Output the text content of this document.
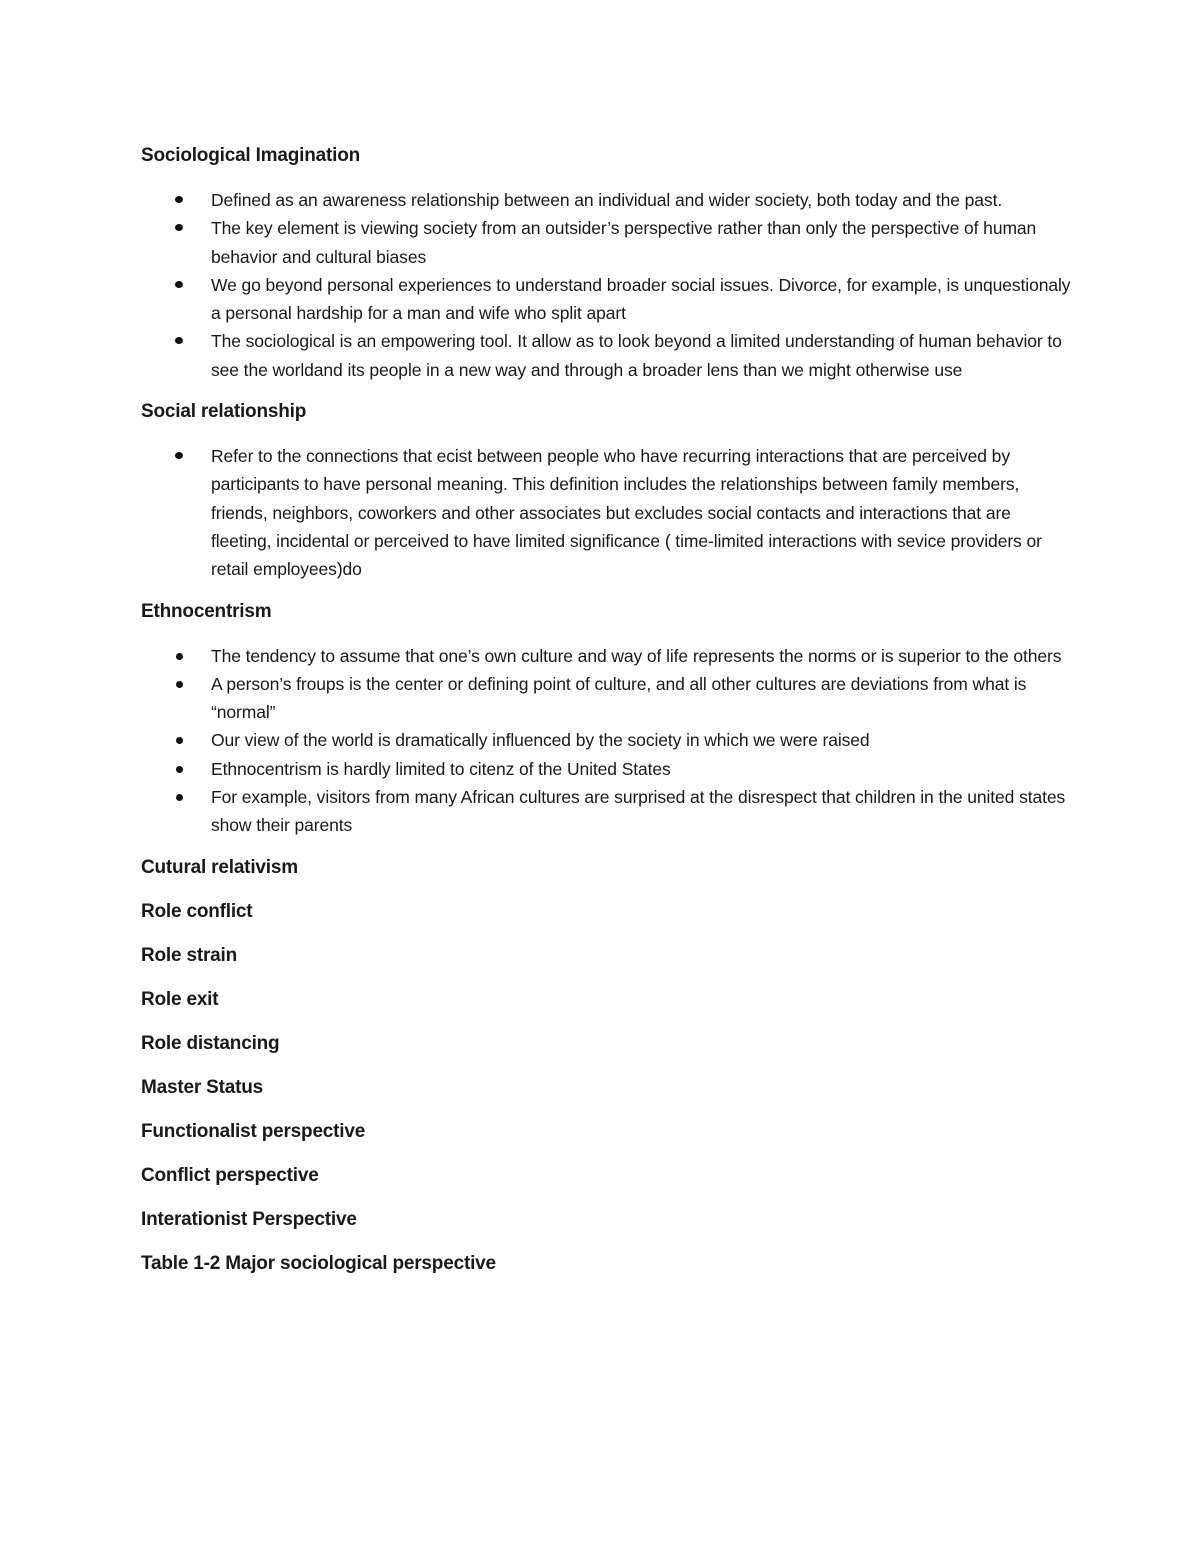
Sociological Imagination

Defined as an awareness relationship between an individual and wider society, both today and the past.
The key element is viewing society from an outsider’s perspective rather than only the perspective of human behavior and cultural biases
We go beyond personal experiences to understand broader social issues. Divorce, for example, is unquestionaly a personal hardship for a man and wife who split apart
The sociological is an empowering tool. It allow as to look beyond a limited understanding of human behavior to see the worldand its people in a new way and through a broader lens than we might otherwise use

Social relationship

Refer to the connections that ecist between people who have recurring interactions that are perceived by participants to have personal meaning. This definition includes the relationships between family members, friends, neighbors, coworkers and other associates but excludes social contacts and interactions that are fleeting, incidental or perceived to have limited significance ( time-limited interactions with sevice providers or retail employees)do

Ethnocentrism

The tendency to assume that one’s own culture and way of life represents the norms or is superior to the others
A person’s froups is the center or defining point of culture, and all other cultures are deviations from what is “normal”
Our view of the world is dramatically influenced by the society in which we were raised
Ethnocentrism is hardly limited to citenz of the United States
For example, visitors from many African cultures are surprised at the disrespect that children in the united states show their parents

Cutural relativism

Role conflict

Role strain

Role exit

Role distancing

Master Status

Functionalist perspective

Conflict perspective

Interationist Perspective

Table 1-2 Major sociological perspective
